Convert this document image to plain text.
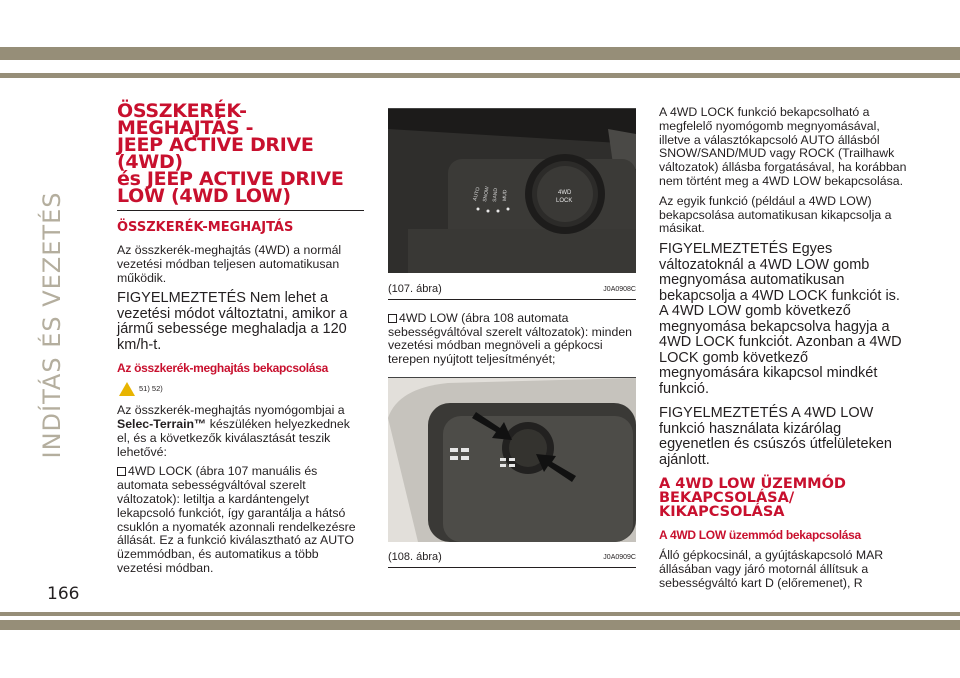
INDÍTÁS ÉS VEZETÉS
ÖSSZKERÉK-MEGHAJTÁS -
JEEP ACTIVE DRIVE (4WD)
és JEEP ACTIVE DRIVE
LOW (4WD LOW)
ÖSSZKERÉK-MEGHAJTÁS

Az összkerék-meghajtás (4WD) a normál vezetési módban teljesen automatikusan működik.

FIGYELMEZTETÉS Nem lehet a vezetési módot változtatni, amikor a jármű sebessége meghaladja a 120 km/h-t.
Az összkerék-meghajtás bekapcsolása
51) 52)

Az összkerék-meghajtás nyomógombjai a Selec-Terrain™ készüléken helyezkednek el, és a következők kiválasztását teszik lehetővé:

4WD LOCK (ábra 107 manuális és automata sebességváltóval szerelt változatok): letiltja a kardántengelyt lekapcsoló funkciót, így garantálja a hátsó csuklón a nyomaték azonnali rendelkezésre állását. Ez a funkció kiválasztható az AUTO üzemmódban, és automatikus a több vezetési módban.

AUTO SNOW SAND MUD	4WD
LOCK
(107. ábra)	J0A0908C

4WD LOW (ábra 108 automata sebességváltóval szerelt változatok): minden vezetési módban megnöveli a gépkocsi terepen nyújtott teljesítményét;

(108. ábra)	J0A0909C

A 4WD LOCK funkció bekapcsolható a megfelelő nyomógomb megnyomásával, illetve a választókapcsoló AUTO állásból SNOW/SAND/MUD vagy ROCK (Trailhawk változatok) állásba forgatásával, ha korábban nem történt meg a 4WD LOW bekapcsolása.

Az egyik funkció (például a 4WD LOW) bekapcsolása automatikusan kikapcsolja a másikat.

FIGYELMEZTETÉS Egyes változatoknál a 4WD LOW gomb megnyomása automatikusan bekapcsolja a 4WD LOCK funkciót is. A 4WD LOW gomb következő megnyomása bekapcsolva hagyja a 4WD LOCK funkciót. Azonban a 4WD LOCK gomb következő megnyomására kikapcsol mindkét funkció.
FIGYELMEZTETÉS A 4WD LOW funkció használata kizárólag egyenetlen és csúszós útfelületeken ajánlott.
A 4WD LOW ÜZEMMÓD
BEKAPCSOLÁSA/
KIKAPCSOLÁSA
A 4WD LOW üzemmód bekapcsolása

Álló gépkocsinál, a gyújtáskapcsoló MAR állásában vagy járó motornál állítsuk a sebességváltó kart D (előremenet), R

166
